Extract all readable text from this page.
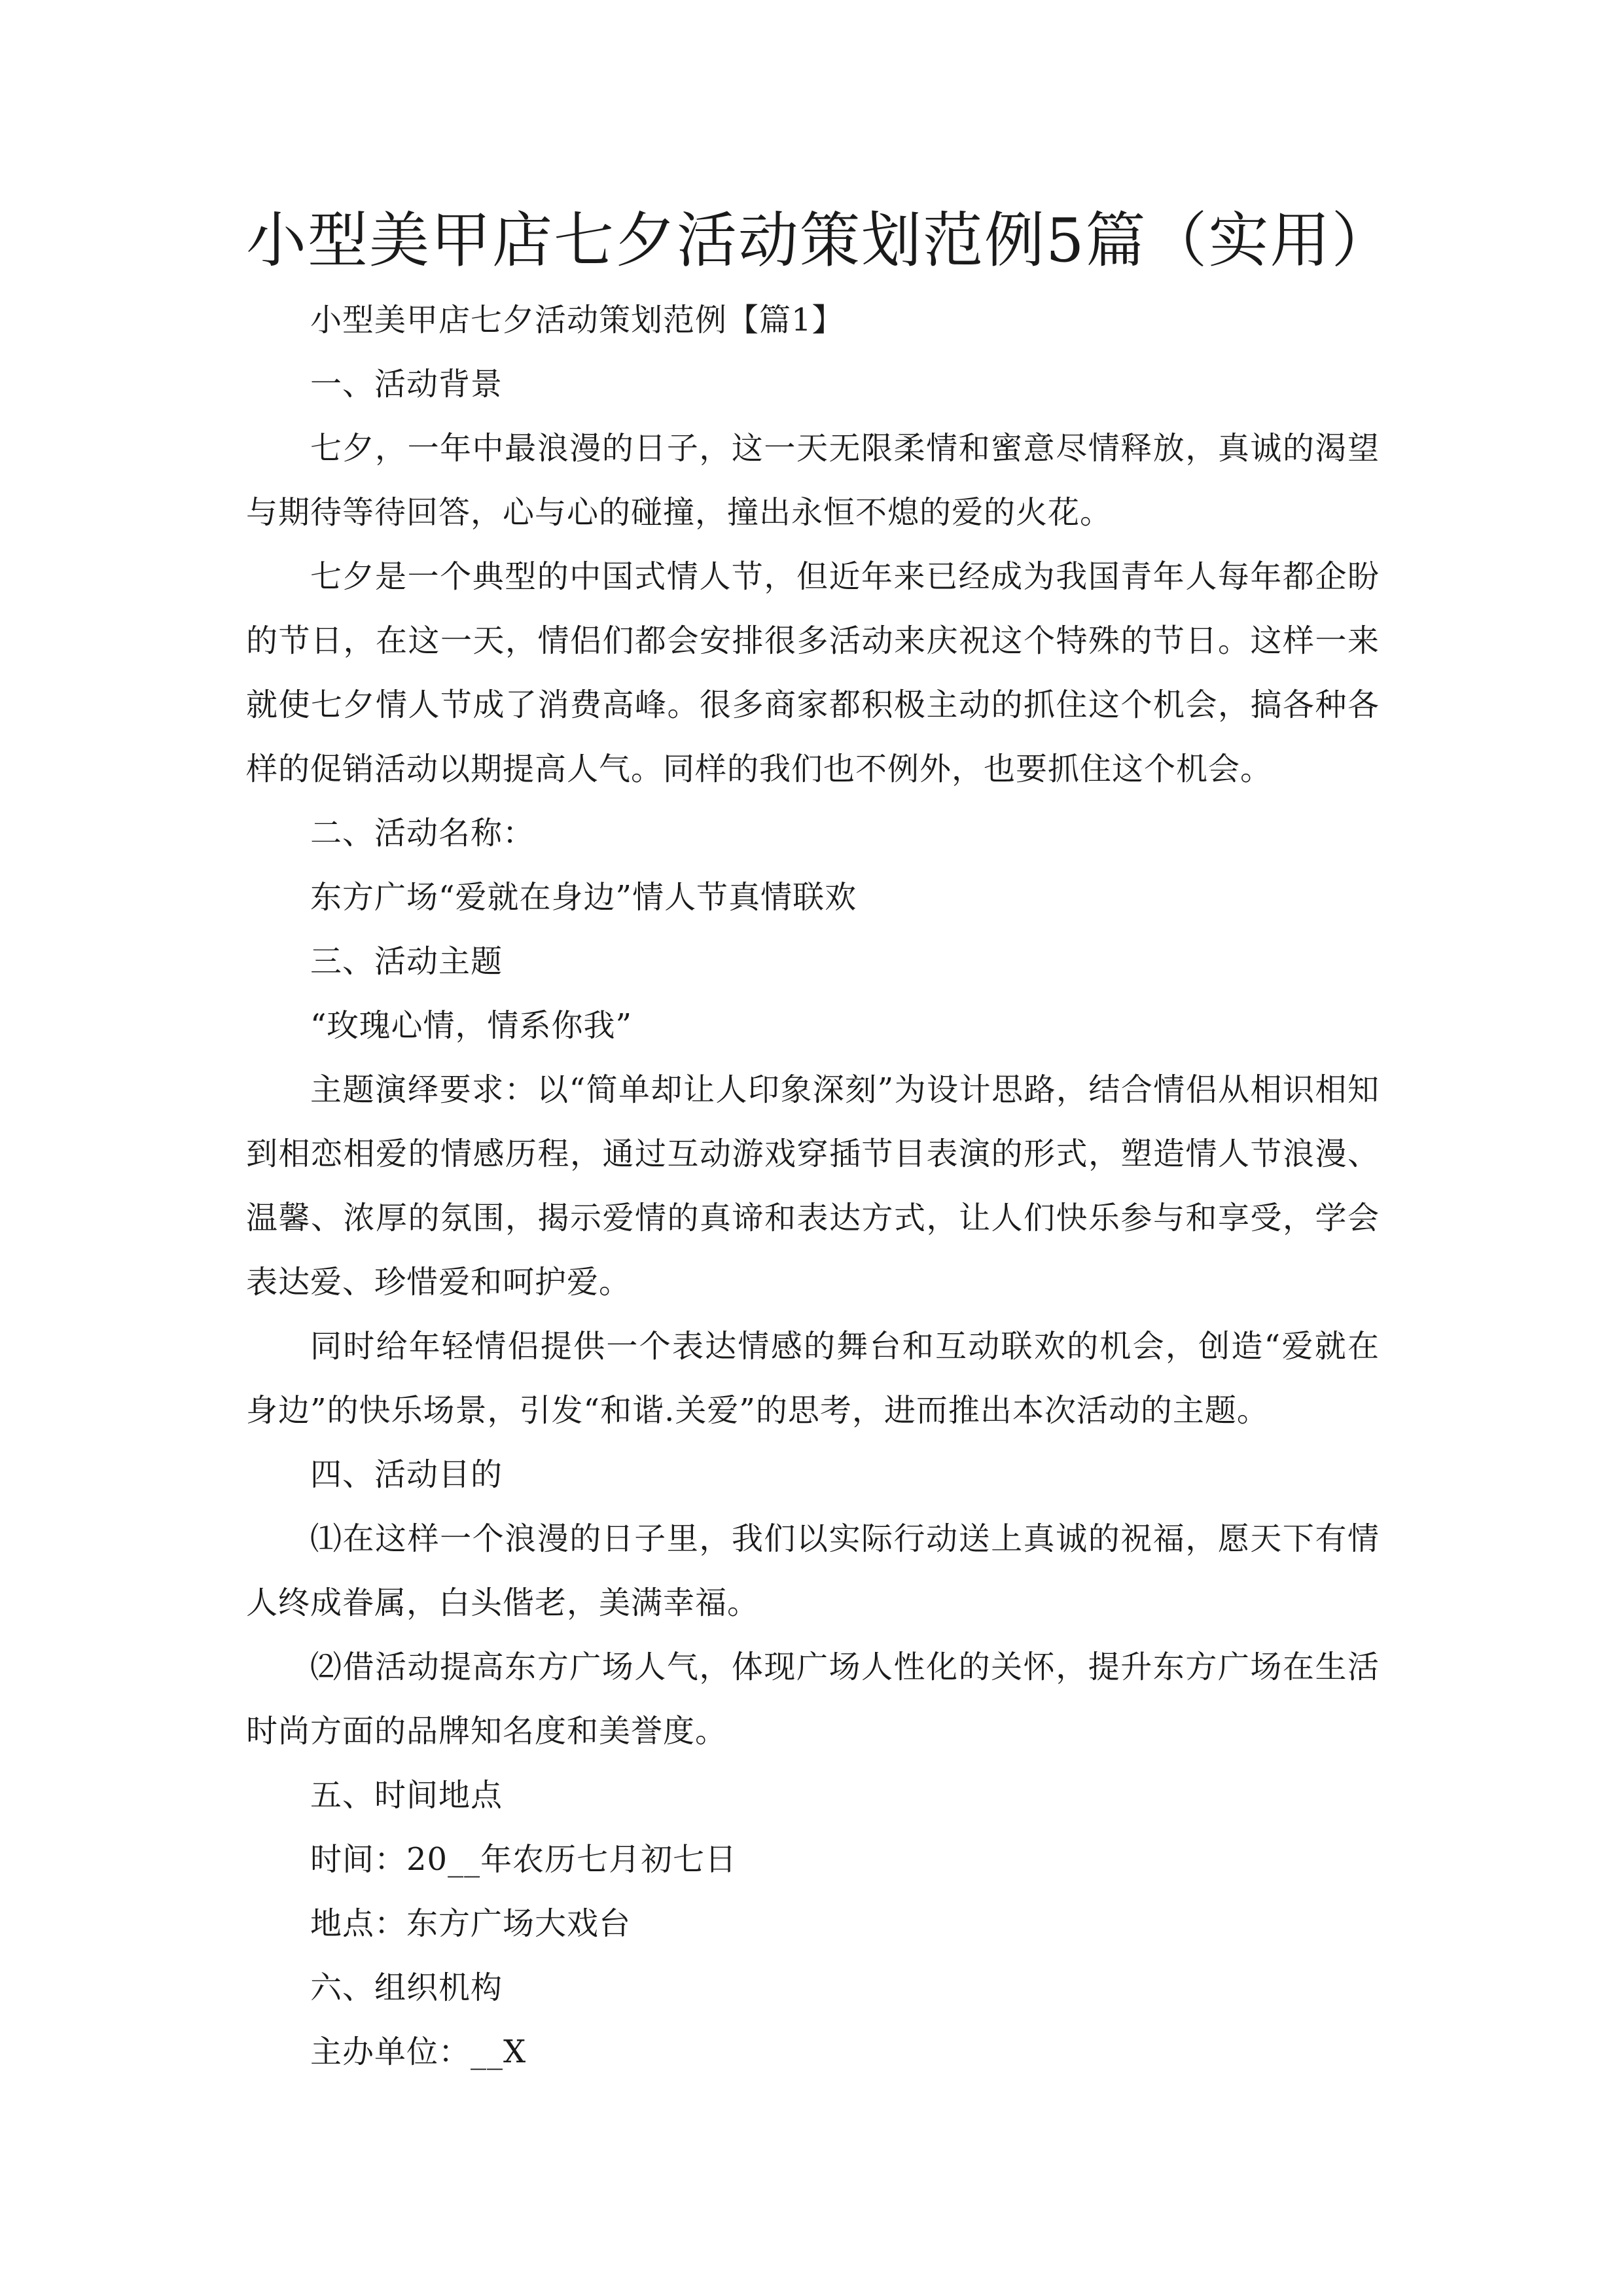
小型美甲店七夕活动策划范例5篇（实用）

小型美甲店七夕活动策划范例【篇1】

一、活动背景

七夕，一年中最浪漫的日子，这一天无限柔情和蜜意尽情释放，真诚的渴望与期待等待回答，心与心的碰撞，撞出永恒不熄的爱的火花。

七夕是一个典型的中国式情人节，但近年来已经成为我国青年人每年都企盼的节日，在这一天，情侣们都会安排很多活动来庆祝这个特殊的节日。这样一来就使七夕情人节成了消费高峰。很多商家都积极主动的抓住这个机会，搞各种各样的促销活动以期提高人气。同样的我们也不例外，也要抓住这个机会。

二、活动名称：

东方广场“爱就在身边”情人节真情联欢

三、活动主题

“玫瑰心情，情系你我”

主题演绎要求：以“简单却让人印象深刻”为设计思路，结合情侣从相识相知到相恋相爱的情感历程，通过互动游戏穿插节目表演的形式，塑造情人节浪漫、温馨、浓厚的氛围，揭示爱情的真谛和表达方式，让人们快乐参与和享受，学会表达爱、珍惜爱和呵护爱。

同时给年轻情侣提供一个表达情感的舞台和互动联欢的机会，创造“爱就在身边”的快乐场景，引发“和谐.关爱”的思考，进而推出本次活动的主题。

四、活动目的

⑴在这样一个浪漫的日子里，我们以实际行动送上真诚的祝福，愿天下有情人终成眷属，白头偕老，美满幸福。

⑵借活动提高东方广场人气，体现广场人性化的关怀，提升东方广场在生活时尚方面的品牌知名度和美誉度。

五、时间地点

时间：20__年农历七月初七日

地点：东方广场大戏台

六、组织机构

主办单位：__X
